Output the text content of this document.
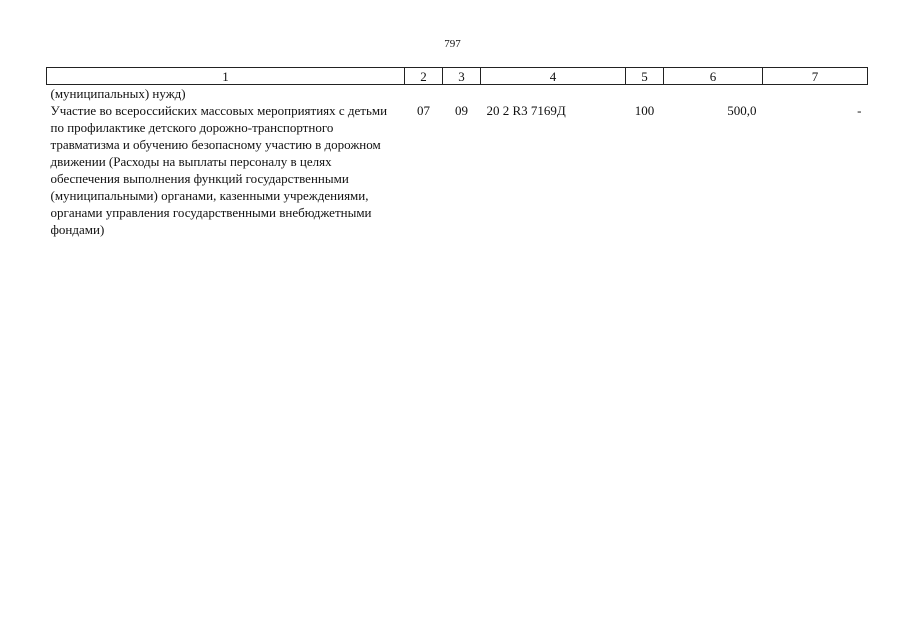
797
1	2	3	4	5	6	7
(муниципальных) нужд)						
Участие во всероссийских массовых мероприятиях с детьми по профилактике детского дорожно-транспортного травматизма и обучению безопасному участию в дорожном движении (Расходы на выплаты персоналу в целях обеспечения выполнения функций государственными (муниципальными) органами, казенными учреждениями, органами управления государственными внебюджетными фондами)	07	09	20 2 R3 7169Д	100	500,0	-
